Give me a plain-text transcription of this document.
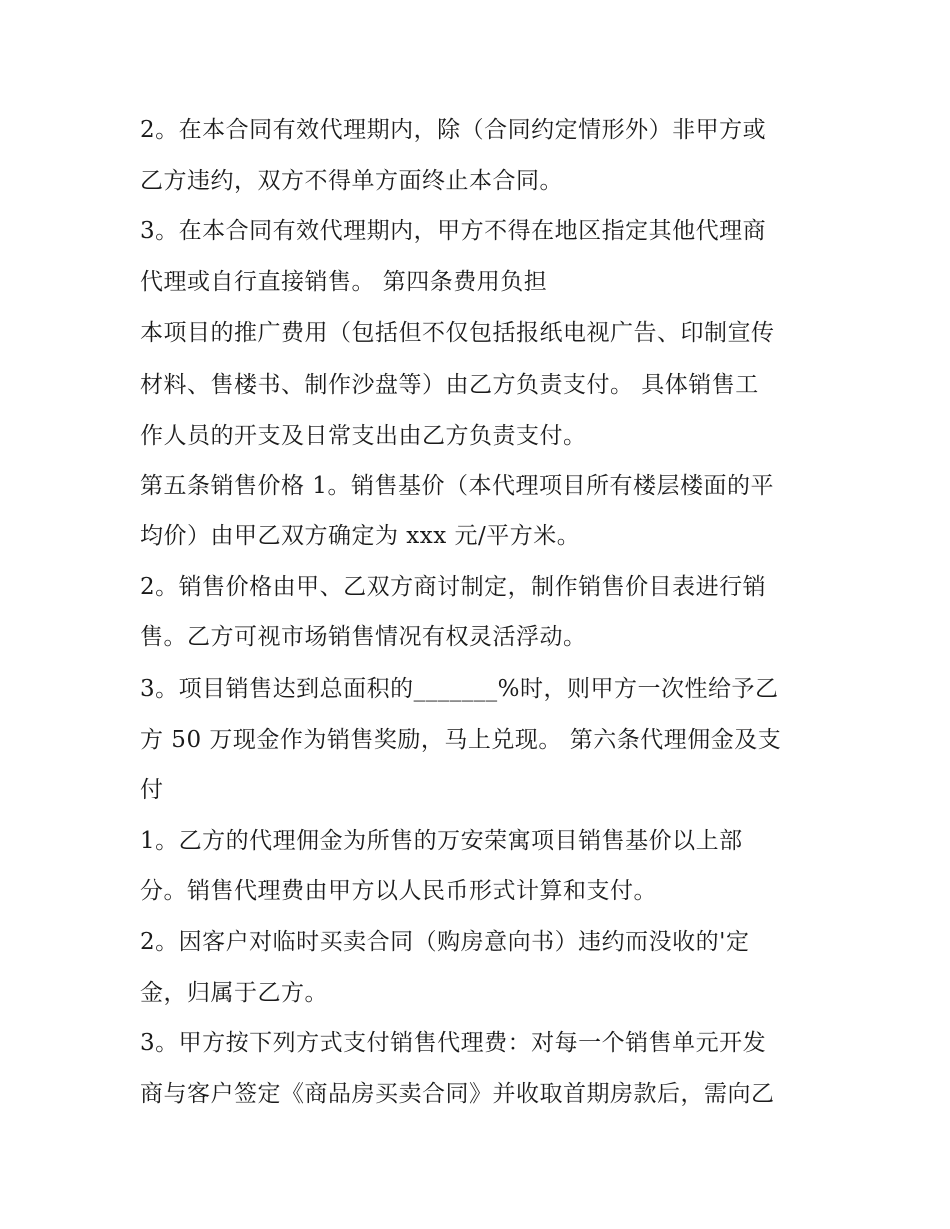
2。在本合同有效代理期内，除（合同约定情形外）非甲方或
乙方违约，双方不得单方面终止本合同。
3。在本合同有效代理期内，甲方不得在地区指定其他代理商
代理或自行直接销售。 第四条费用负担
本项目的推广费用（包括但不仅包括报纸电视广告、印制宣传
材料、售楼书、制作沙盘等）由乙方负责支付。 具体销售工
作人员的开支及日常支出由乙方负责支付。
第五条销售价格 1。销售基价（本代理项目所有楼层楼面的平
均价）由甲乙双方确定为 xxx 元/平方米。
2。销售价格由甲、乙双方商讨制定，制作销售价目表进行销
售。乙方可视市场销售情况有权灵活浮动。
3。项目销售达到总面积的_______%时，则甲方一次性给予乙
方 50 万现金作为销售奖励，马上兑现。 第六条代理佣金及支
付
1。乙方的代理佣金为所售的万安荣寓项目销售基价以上部
分。销售代理费由甲方以人民币形式计算和支付。
2。因客户对临时买卖合同（购房意向书）违约而没收的'定
金，归属于乙方。
3。甲方按下列方式支付销售代理费：对每一个销售单元开发
商与客户签定《商品房买卖合同》并收取首期房款后，需向乙
